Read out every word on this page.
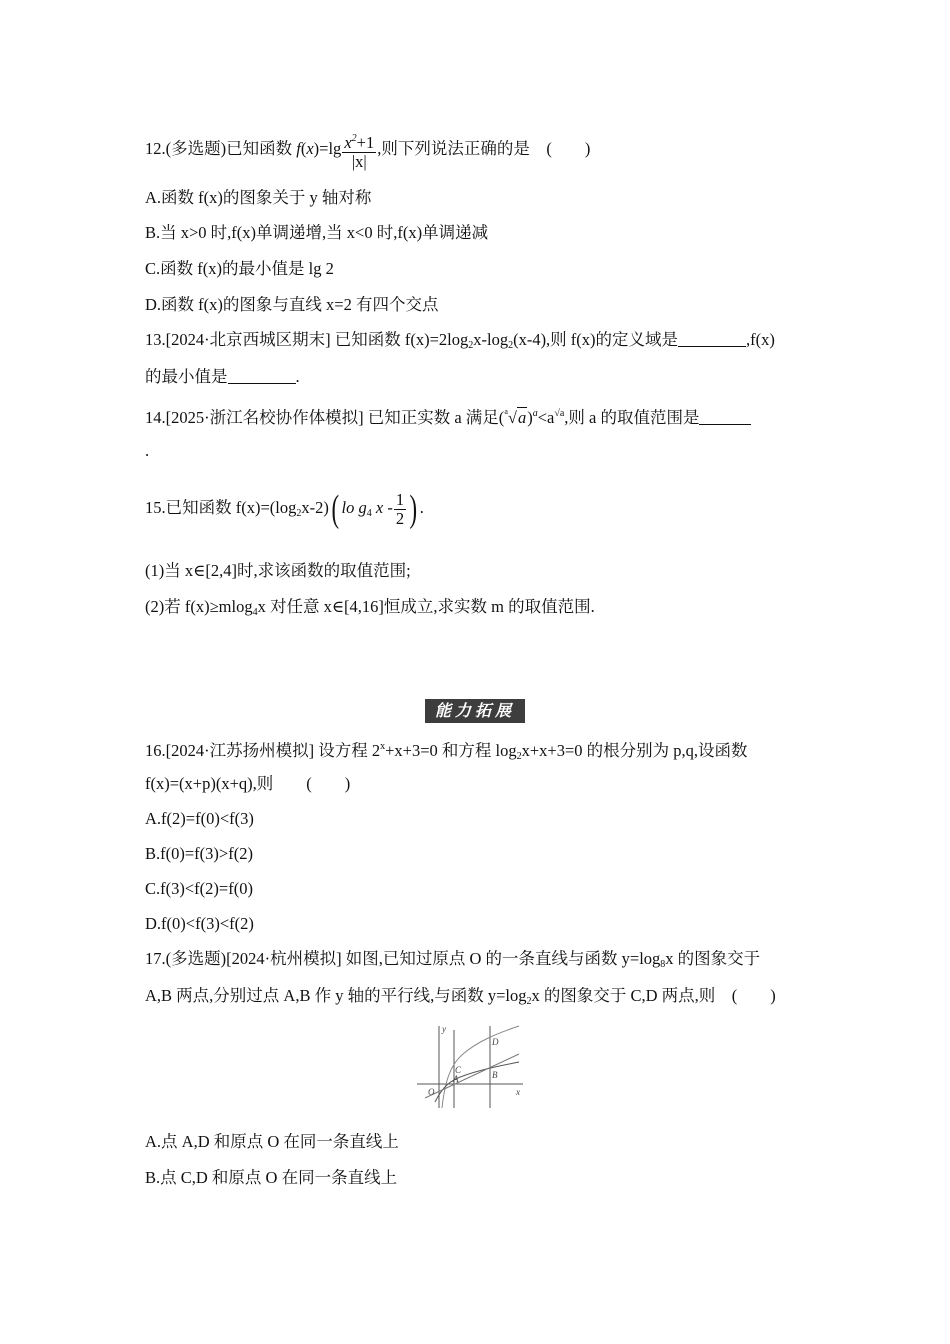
12.(多选题)已知函数 $f(x)=\lg \frac{x^2+1}{|x|}$ ,则下列说法正确的是　(　　)
A.函数 f(x)的图象关于 y 轴对称
B.当 x>0 时,f(x)单调递增,当 x<0 时,f(x)单调递减
C.函数 f(x)的最小值是 lg 2
D.函数 f(x)的图象与直线 x=2 有四个交点
13.[2024·北京西城区期末] 已知函数 $f(x)=2\log_2x-\log_2(x-4)$,则 f(x)的定义域是	,f(x)
的最小值是	.
14.[2025·浙江名校协作体模拟] 已知正实数 a 满足$(^a√a)^a<a^{√a}$,则 a 的取值范围是
.
15.已知函数 $f(x)=(\log_2x-2)$( lo $g_4$ x - $\frac{1}{2}$ ) .
(1)当 x∈[2,4]时,求该函数的取值范围;
(2)若 f(x)≥mlog$_4$x 对任意 x∈[4,16]恒成立,求实数 m 的取值范围.
能力拓展
16.[2024·江苏扬州模拟] 设方程 $2^x+x+3=0$ 和方程 $\log_2x+x+3=0$ 的根分别为 p,q,设函数
f(x)=(x+p)(x+q),则　　(　　)
A.f(2)=f(0)<f(3)
B.f(0)=f(3)>f(2)
C.f(3)<f(2)=f(0)
D.f(0)<f(3)<f(2)
17.(多选题)[2024·杭州模拟] 如图,已知过原点 O 的一条直线与函数 $y=\log_8x$ 的图象交于
A,B 两点,分别过点 A,B 作 y 轴的平行线,与函数 $y=\log_2x$ 的图象交于 C,D 两点,则　(　　)
y
x
O
A
C	B
D
A.点 A,D 和原点 O 在同一条直线上
B.点 C,D 和原点 O 在同一条直线上
